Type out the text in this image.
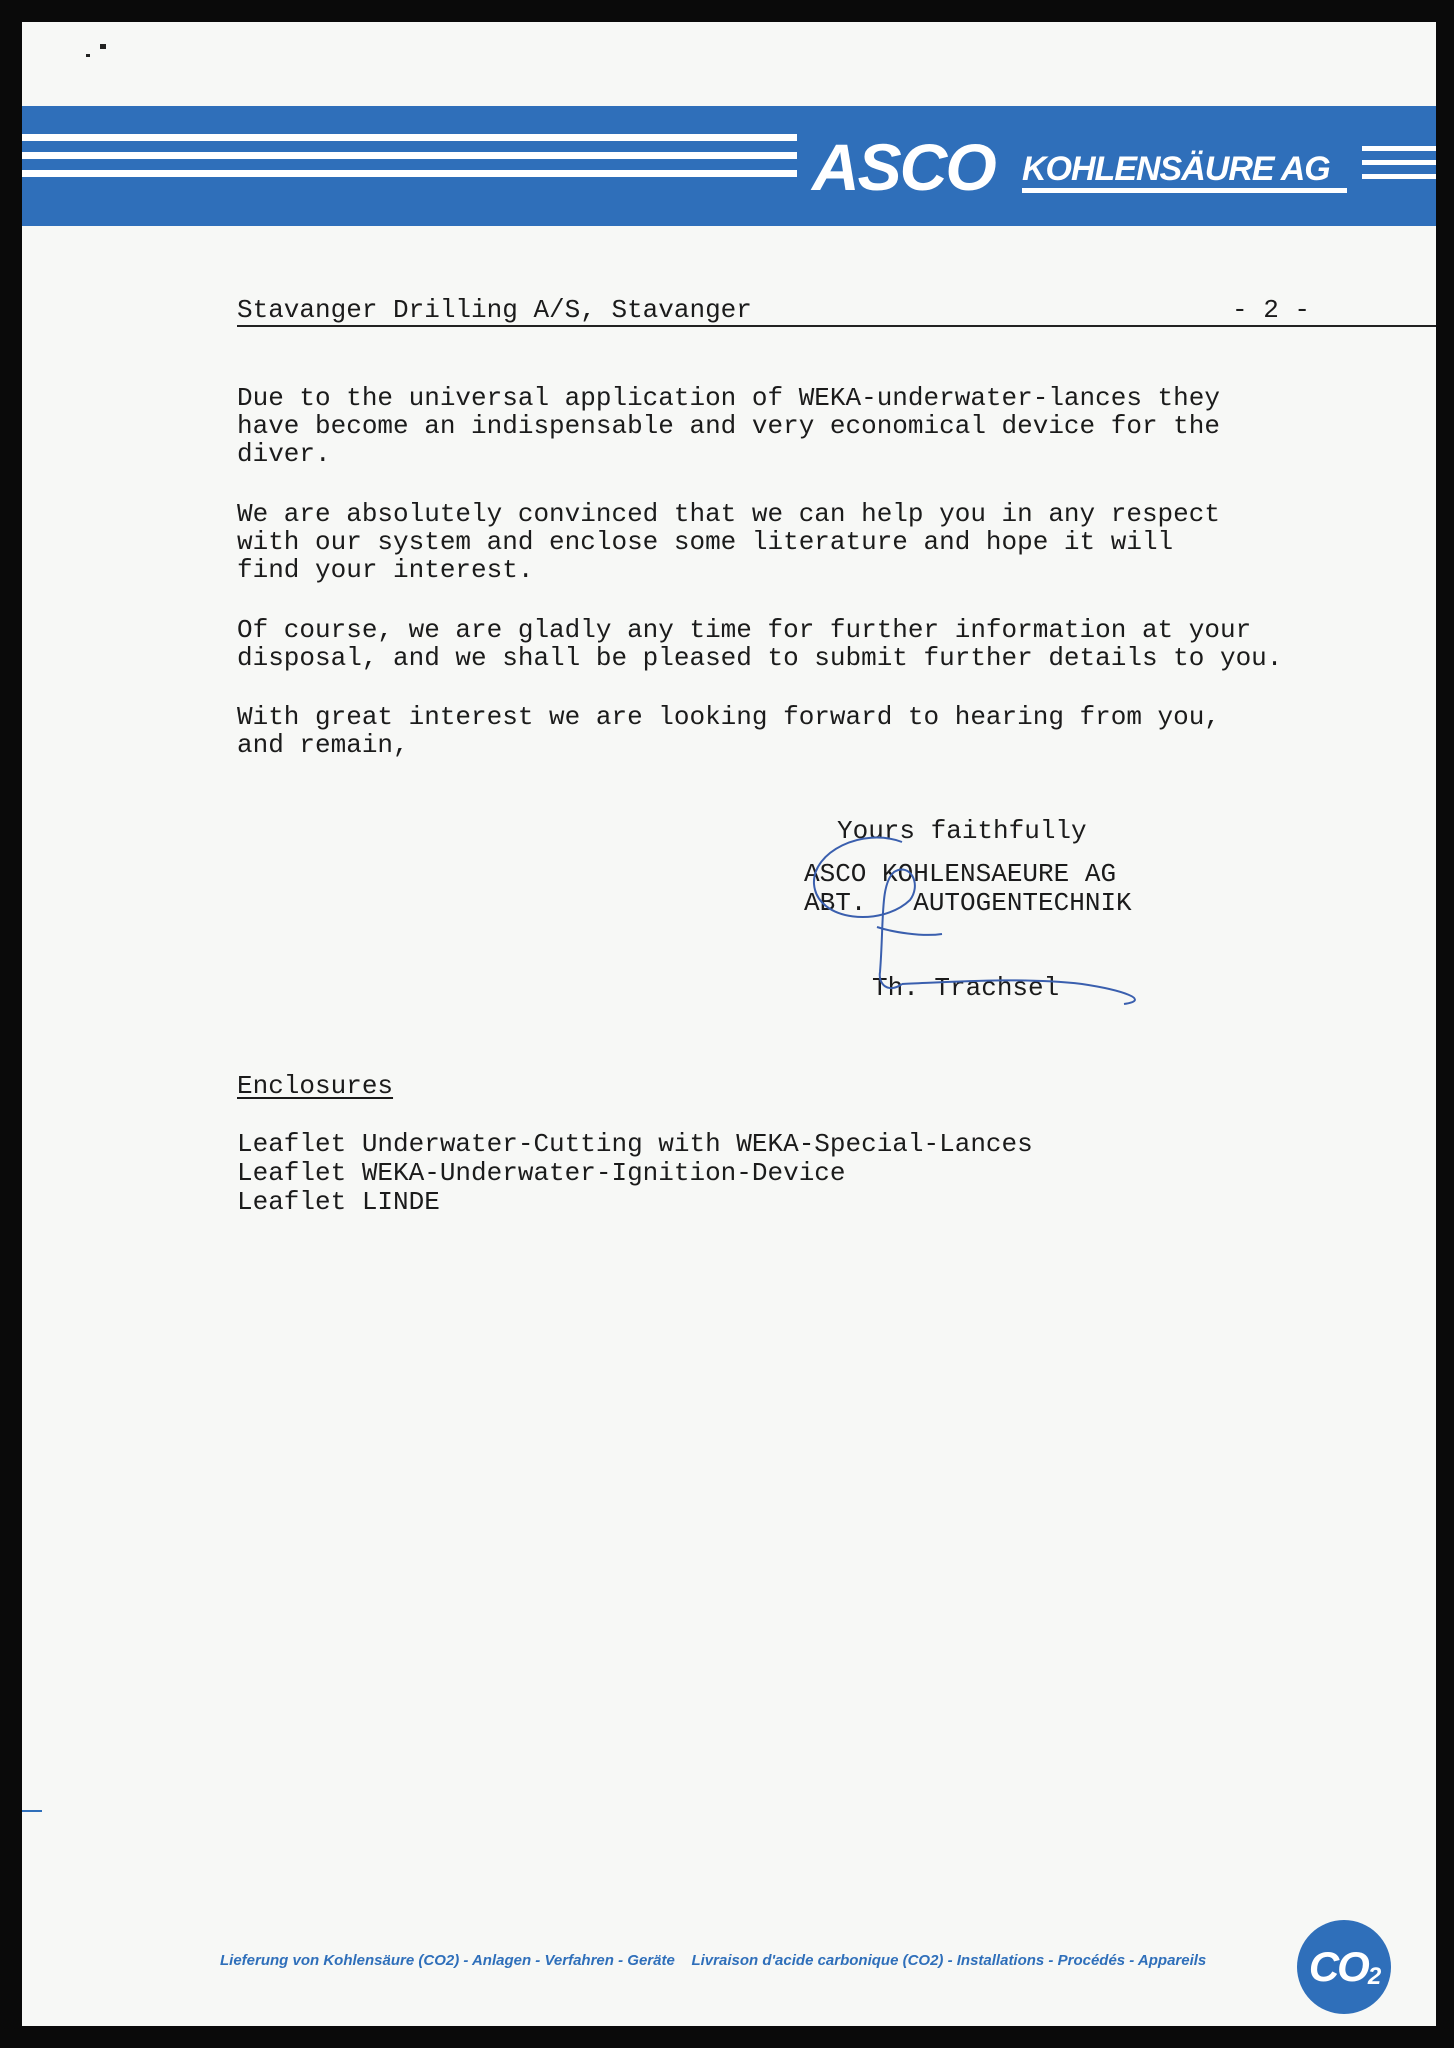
ASCO KOHLENSÄURE AG
Stavanger Drilling A/S, Stavanger	- 2 -

Due to the universal application of WEKA-underwater-lances they
have become an indispensable and very economical device for the
diver.

We are absolutely convinced that we can help you in any respect
with our system and enclose some literature and hope it will
find your interest.

Of course, we are gladly any time for further information at your
disposal, and we shall be pleased to submit further details to you.

With great interest we are looking forward to hearing from you,
and remain,

Yours faithfully
ASCO KOHLENSAEURE AG
ABT.   AUTOGENTECHNIK
Th. Trachsel
Enclosures
Leaflet Underwater-Cutting with WEKA-Special-Lances
Leaflet WEKA-Underwater-Ignition-Device
Leaflet LINDE
Lieferung von Kohlensäure (CO2) - Anlagen - Verfahren - Geräte    Livraison d'acide carbonique (CO2) - Installations - Procédés - Appareils $CO_2$
